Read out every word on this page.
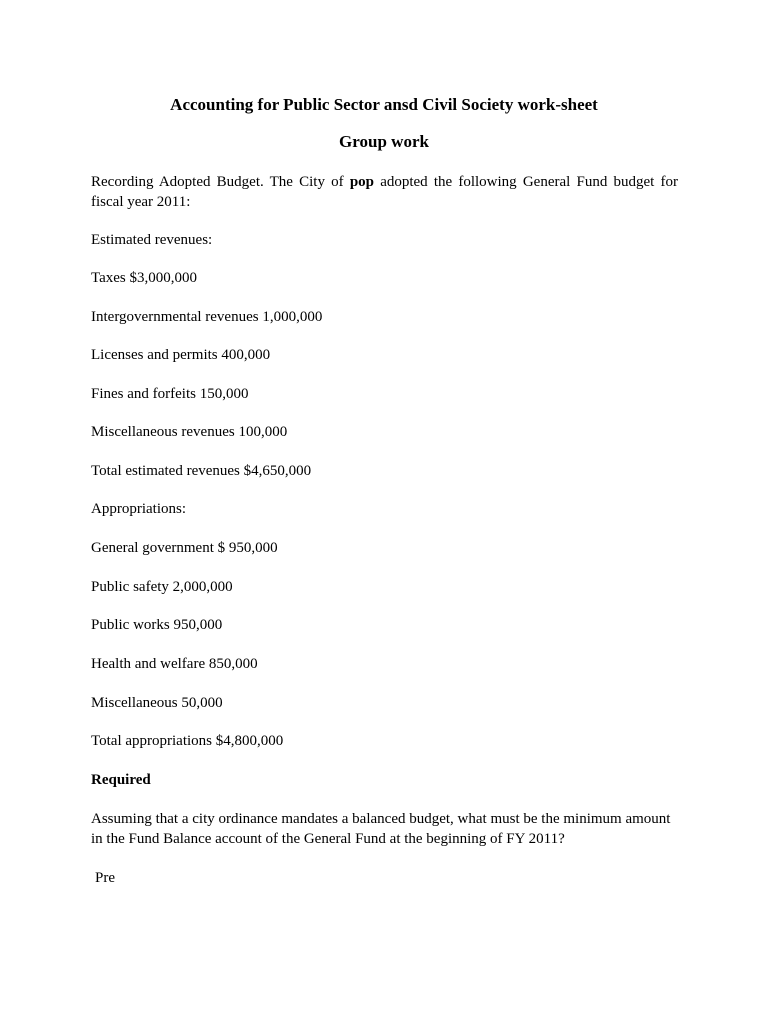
Accounting for Public Sector ansd Civil Society work-sheet
Group work
Recording Adopted Budget. The City of pop adopted the following General Fund budget for fiscal year 2011:
Estimated revenues:
Taxes $3,000,000
Intergovernmental revenues 1,000,000
Licenses and permits 400,000
Fines and forfeits 150,000
Miscellaneous revenues 100,000
Total estimated revenues $4,650,000
Appropriations:
General government $ 950,000
Public safety 2,000,000
Public works 950,000
Health and welfare 850,000
Miscellaneous 50,000
Total appropriations $4,800,000
Required
Assuming that a city ordinance mandates a balanced budget, what must be the minimum amount in the Fund Balance account of the General Fund at the beginning of FY 2011?
Pre
